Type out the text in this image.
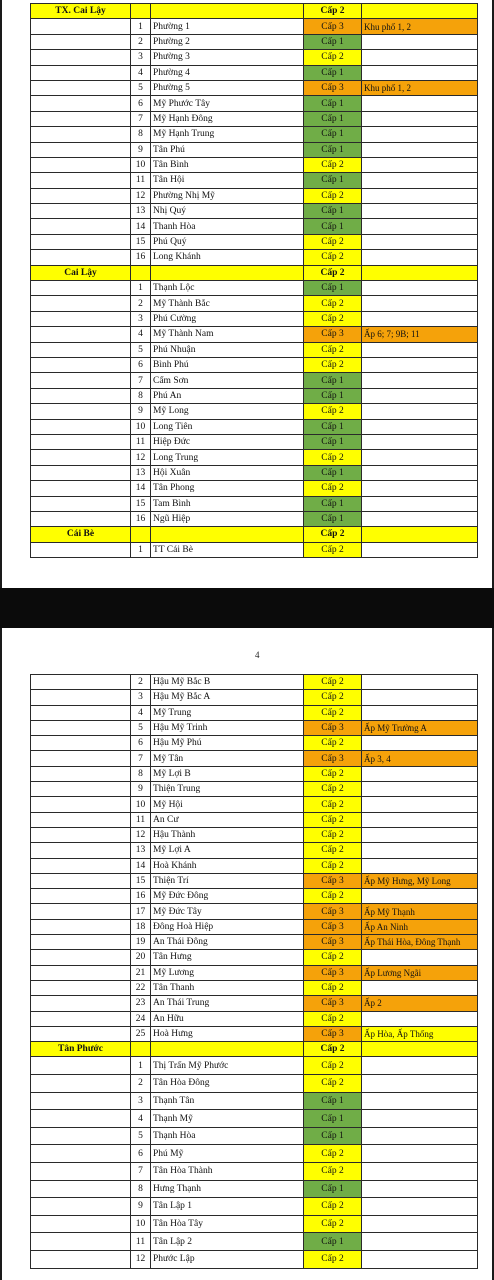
TX. Cai Lậy			Cấp 2	
	1	Phường 1	Cấp 3	Khu phố 1, 2
	2	Phường 2	Cấp 1	
	3	Phường 3	Cấp 2	
	4	Phường 4	Cấp 1	
	5	Phường 5	Cấp 3	Khu phố 1, 2
	6	Mỹ Phước Tây	Cấp 1	
	7	Mỹ Hạnh Đông	Cấp 1	
	8	Mỹ Hạnh Trung	Cấp 1	
	9	Tân Phú	Cấp 1	
	10	Tân Bình	Cấp 2	
	11	Tân Hội	Cấp 1	
	12	Phường Nhị Mỹ	Cấp 2	
	13	Nhị Quý	Cấp 1	
	14	Thanh Hòa	Cấp 1	
	15	Phú Quý	Cấp 2	
	16	Long Khánh	Cấp 2	
Cai Lậy			Cấp 2	
	1	Thạnh Lộc	Cấp 1	
	2	Mỹ Thành Bắc	Cấp 2	
	3	Phú Cường	Cấp 2	
	4	Mỹ Thành Nam	Cấp 3	Ấp 6; 7; 9B; 11
	5	Phú Nhuận	Cấp 2	
	6	Bình Phú	Cấp 2	
	7	Cẩm Sơn	Cấp 1	
	8	Phú An	Cấp 1	
	9	Mỹ Long	Cấp 2	
	10	Long Tiên	Cấp 1	
	11	Hiệp Đức	Cấp 1	
	12	Long Trung	Cấp 2	
	13	Hội Xuân	Cấp 1	
	14	Tân Phong	Cấp 2	
	15	Tam Bình	Cấp 1	
	16	Ngũ Hiệp	Cấp 1	
Cái Bè			Cấp 2	
	1	TT Cái Bè	Cấp 2	
4
	2	Hậu Mỹ Bắc B	Cấp 2	
	3	Hậu Mỹ Bắc A	Cấp 2	
	4	Mỹ Trung	Cấp 2	
	5	Hậu Mỹ Trinh	Cấp 3	Ấp Mỹ Trường A
	6	Hậu Mỹ Phú	Cấp 2	
	7	Mỹ Tân	Cấp 3	Ấp 3, 4
	8	Mỹ Lợi B	Cấp 2	
	9	Thiện Trung	Cấp 2	
	10	Mỹ Hội	Cấp 2	
	11	An Cư	Cấp 2	
	12	Hậu Thành	Cấp 2	
	13	Mỹ Lợi A	Cấp 2	
	14	Hoà Khánh	Cấp 2	
	15	Thiện Trí	Cấp 3	Ấp Mỹ Hưng, Mỹ Long
	16	Mỹ Đức Đông	Cấp 2	
	17	Mỹ Đức Tây	Cấp 3	Ấp Mỹ Thạnh
	18	Đông Hoà Hiệp	Cấp 3	Ấp An Ninh
	19	An Thái Đông	Cấp 3	Ấp Thái Hòa, Đông Thạnh
	20	Tân Hưng	Cấp 2	
	21	Mỹ Lương	Cấp 3	Ấp Lương Ngãi
	22	Tân Thanh	Cấp 2	
	23	An Thái Trung	Cấp 3	Ấp 2
	24	An Hữu	Cấp 2	
	25	Hoà Hưng	Cấp 3	Ấp Hòa, Ấp Thống
Tân Phước			Cấp 2	
	1	Thị Trấn Mỹ Phước	Cấp 2	
	2	Tân Hòa Đông	Cấp 2	
	3	Thạnh Tân	Cấp 1	
	4	Thạnh Mỹ	Cấp 1	
	5	Thạnh Hòa	Cấp 1	
	6	Phú Mỹ	Cấp 2	
	7	Tân Hòa Thành	Cấp 2	
	8	Hưng Thạnh	Cấp 1	
	9	Tân Lập 1	Cấp 2	
	10	Tân Hòa Tây	Cấp 2	
	11	Tân Lập 2	Cấp 1	
	12	Phước Lập	Cấp 2	
